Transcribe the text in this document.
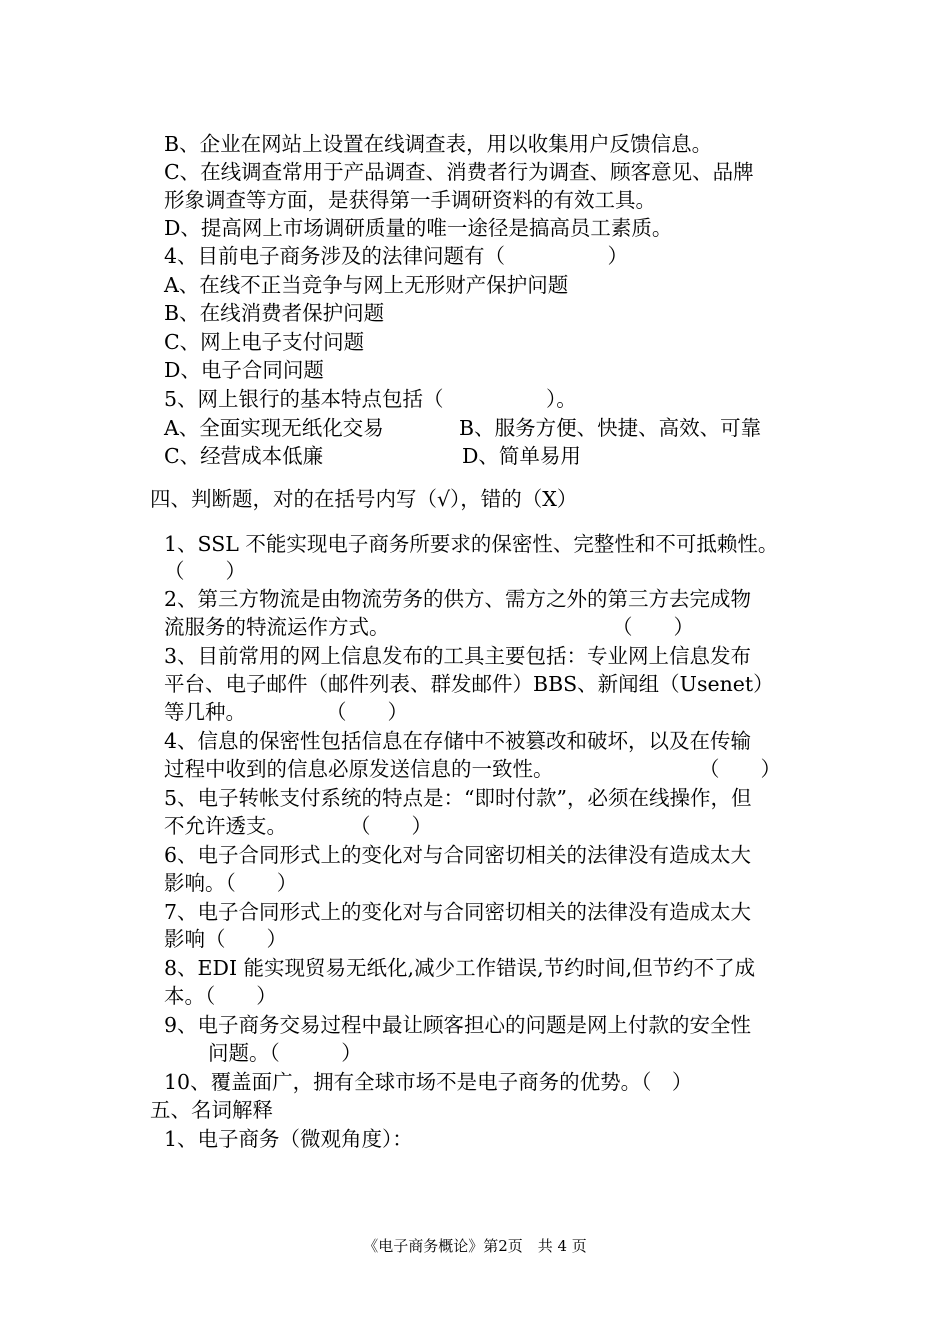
B、企业在网站上设置在线调查表，用以收集用户反馈信息。
C、在线调查常用于产品调查、消费者行为调查、顾客意见、品牌
形象调查等方面，是获得第一手调研资料的有效工具。
D、提高网上市场调研质量的唯一途径是搞高员工素质。
4、目前电子商务涉及的法律问题有（　　　　　）
A、在线不正当竞争与网上无形财产保护问题
B、在线消费者保护问题
C、网上电子支付问题
D、电子合同问题
5、网上银行的基本特点包括（　　　　　）。
A、全面实现无纸化交易	B、服务方便、快捷、高效、可靠
C、经营成本低廉	D、简单易用
四、判断题，对的在括号内写（√），错的（X）
1、SSL 不能实现电子商务所要求的保密性、完整性和不可抵赖性。
（　　）
2、第三方物流是由物流劳务的供方、需方之外的第三方去完成物
流服务的特流运作方式。	（　　）
3、目前常用的网上信息发布的工具主要包括：专业网上信息发布
平台、电子邮件（邮件列表、群发邮件）BBS、新闻组（Usenet）
等几种。	（　　）
4、信息的保密性包括信息在存储中不被篡改和破坏，以及在传输
过程中收到的信息必原发送信息的一致性。	（　　）
5、电子转帐支付系统的特点是：“即时付款”，必须在线操作，但
不允许透支。	（　　）
6、电子合同形式上的变化对与合同密切相关的法律没有造成太大
影响。（　　）
7、电子合同形式上的变化对与合同密切相关的法律没有造成太大
影响（　　）
8、EDI 能实现贸易无纸化,减少工作错误,节约时间,但节约不了成
本。（　　）
9、电子商务交易过程中最让顾客担心的问题是网上付款的安全性
问题。（　　　）
10、覆盖面广，拥有全球市场不是电子商务的优势。（　）
五、名词解释
1、电子商务（微观角度）：
《电子商务概论》第2页　共 4 页
